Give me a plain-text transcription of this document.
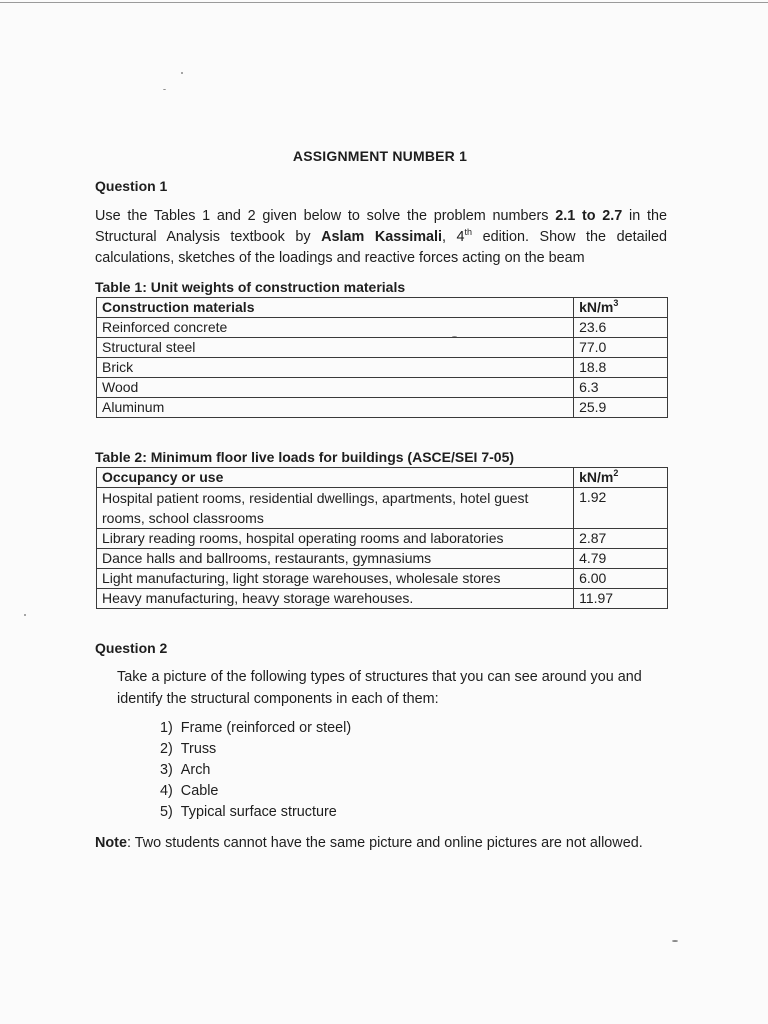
ASSIGNMENT NUMBER 1
Question 1
Use the Tables 1 and 2 given below to solve the problem numbers 2.1 to 2.7 in the Structural Analysis textbook by Aslam Kassimali, 4th edition. Show the detailed calculations, sketches of the loadings and reactive forces acting on the beam
Table 1: Unit weights of construction materials
Construction materials	$kN/m^3$
Reinforced concrete	23.6
Structural steel	77.0
Brick	18.8
Wood	6.3
Aluminum	25.9
Table 2: Minimum floor live loads for buildings (ASCE/SEI 7-05)
Occupancy or use	$kN/m^2$
Hospital patient rooms, residential dwellings, apartments, hotel guest rooms, school classrooms	1.92
Library reading rooms, hospital operating rooms and laboratories	2.87
Dance halls and ballrooms, restaurants, gymnasiums	4.79
Light manufacturing, light storage warehouses, wholesale stores	6.00
Heavy manufacturing, heavy storage warehouses.	11.97
Question 2
Take a picture of the following types of structures that you can see around you and identify the structural components in each of them:
1) Frame (reinforced or steel)
2) Truss
3) Arch
4) Cable
5) Typical surface structure
Note: Two students cannot have the same picture and online pictures are not allowed.
